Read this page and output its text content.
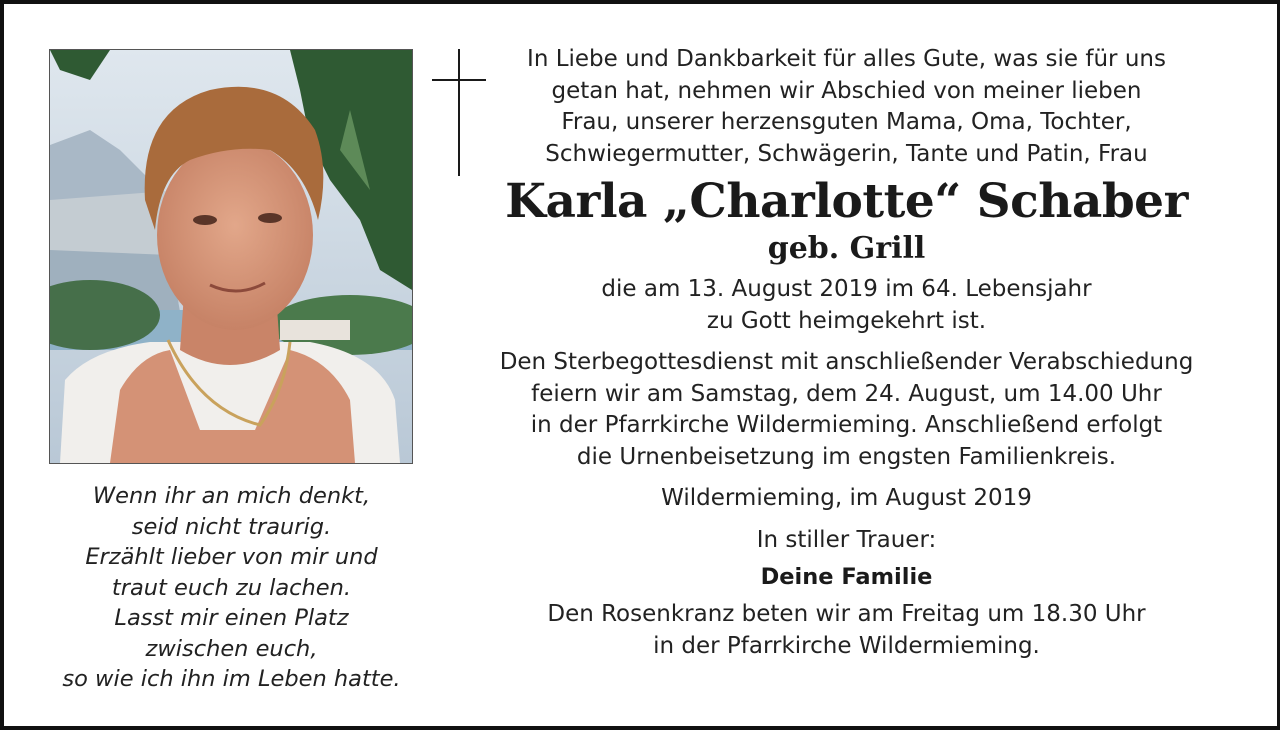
Wenn ihr an mich denkt,
seid nicht traurig.
Erzählt lieber von mir und
traut euch zu lachen.
Lasst mir einen Platz
zwischen euch,
so wie ich ihn im Leben hatte.
In Liebe und Dankbarkeit für alles Gute, was sie für uns
getan hat, nehmen wir Abschied von meiner lieben
Frau, unserer herzensguten Mama, Oma, Tochter,
Schwiegermutter, Schwägerin, Tante und Patin, Frau
Karla „Charlotte“ Schaber
geb. Grill
die am 13. August 2019 im 64. Lebensjahr
zu Gott heimgekehrt ist.
Den Sterbegottesdienst mit anschließender Verabschiedung
feiern wir am Samstag, dem 24. August, um 14.00 Uhr
in der Pfarrkirche Wildermieming. Anschließend erfolgt
die Urnenbeisetzung im engsten Familienkreis.
Wildermieming, im August 2019
In stiller Trauer:
Deine Familie
Den Rosenkranz beten wir am Freitag um 18.30 Uhr
in der Pfarrkirche Wildermieming.
